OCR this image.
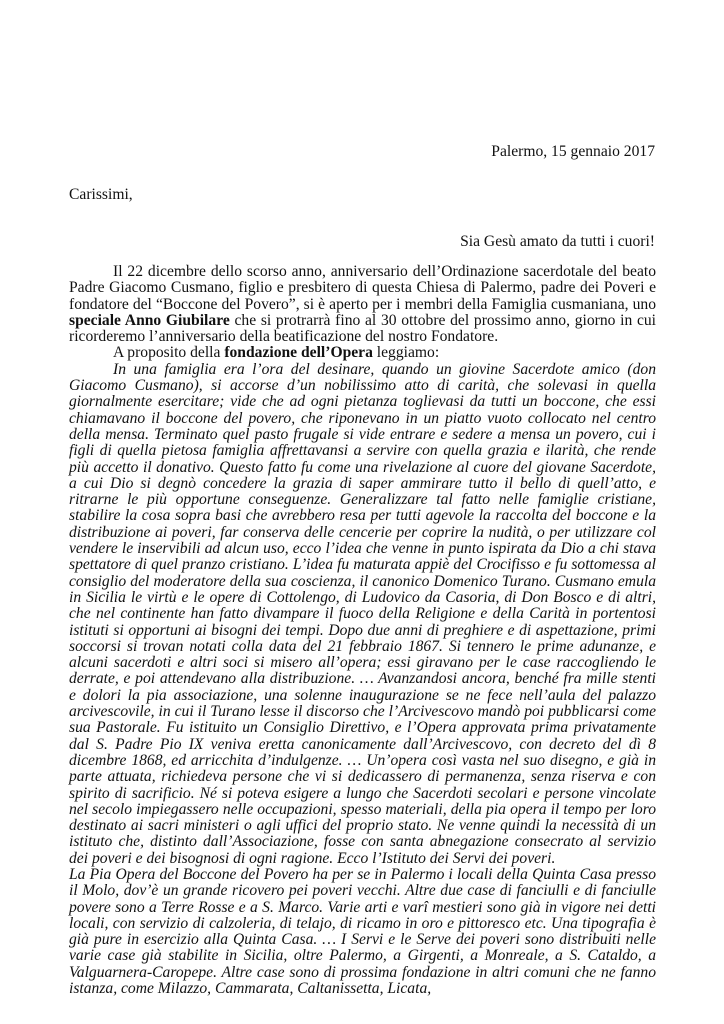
Palermo, 15 gennaio 2017
Carissimi,
Sia Gesù amato da tutti i cuori!

Il 22 dicembre dello scorso anno, anniversario dell’Ordinazione sacerdotale del beato Padre Giacomo Cusmano, figlio e presbitero di questa Chiesa di Palermo, padre dei Poveri e fondatore del “Boccone del Povero”, si è aperto per i membri della Famiglia cusmaniana, uno speciale Anno Giubilare che si protrarrà fino al 30 ottobre del prossimo anno, giorno in cui ricorderemo l’anniversario della beatificazione del nostro Fondatore.

A proposito della fondazione dell’Opera leggiamo:

In una famiglia era l’ora del desinare, quando un giovine Sacerdote amico (don Giacomo Cusmano), si accorse d’un nobilissimo atto di carità, che solevasi in quella giornalmente esercitare; vide che ad ogni pietanza toglievasi da tutti un boccone, che essi chiamavano il boccone del povero, che riponevano in un piatto vuoto collocato nel centro della mensa. Terminato quel pasto frugale si vide entrare e sedere a mensa un povero, cui i figli di quella pietosa famiglia affrettavansi a servire con quella grazia e ilarità, che rende più accetto il donativo. Questo fatto fu come una rivelazione al cuore del giovane Sacerdote, a cui Dio si degnò concedere la grazia di saper ammirare tutto il bello di quell’atto, e ritrarne le più opportune conseguenze. Generalizzare tal fatto nelle famiglie cristiane, stabilire la cosa sopra basi che avrebbero resa per tutti agevole la raccolta del boccone e la distribuzione ai poveri, far conserva delle cencerie per coprire la nudità, o per utilizzare col vendere le inservibili ad alcun uso, ecco l’idea che venne in punto ispirata da Dio a chi stava spettatore di quel pranzo cristiano. L’idea fu maturata appiè del Crocifisso e fu sottomessa al consiglio del moderatore della sua coscienza, il canonico Domenico Turano. Cusmano emula in Sicilia le virtù e le opere di Cottolengo, di Ludovico da Casoria, di Don Bosco e di altri, che nel continente han fatto divampare il fuoco della Religione e della Carità in portentosi istituti si opportuni ai bisogni dei tempi. Dopo due anni di preghiere e di aspettazione, primi soccorsi si trovan notati colla data del 21 febbraio 1867. Si tennero le prime adunanze, e alcuni sacerdoti e altri soci si misero all’opera; essi giravano per le case raccogliendo le derrate, e poi attendevano alla distribuzione. … Avanzandosi ancora, benché fra mille stenti e dolori la pia associazione, una solenne inaugurazione se ne fece nell’aula del palazzo arcivescovile, in cui il Turano lesse il discorso che l’Arcivescovo mandò poi pubblicarsi come sua Pastorale. Fu istituito un Consiglio Direttivo, e l’Opera approvata prima privatamente dal S. Padre Pio IX veniva eretta canonicamente dall’Arcivescovo, con decreto del dì 8 dicembre 1868, ed arricchita d’indulgenze. … Un’opera così vasta nel suo disegno, e già in parte attuata, richiedeva persone che vi si dedicassero di permanenza, senza riserva e con spirito di sacrificio. Né si poteva esigere a lungo che Sacerdoti secolari e persone vincolate nel secolo impiegassero nelle occupazioni, spesso materiali, della pia opera il tempo per loro destinato ai sacri ministeri o agli uffici del proprio stato. Ne venne quindi la necessità di un istituto che, distinto dall’Associazione, fosse con santa abnegazione consecrato al servizio dei poveri e dei bisognosi di ogni ragione. Ecco l’Istituto dei Servi dei poveri.

La Pia Opera del Boccone del Povero ha per se in Palermo i locali della Quinta Casa presso il Molo, dov’è un grande ricovero pei poveri vecchi. Altre due case di fanciulli e di fanciulle povere sono a Terre Rosse e a S. Marco. Varie arti e varî mestieri sono già in vigore nei detti locali, con servizio di calzoleria, di telajo, di ricamo in oro e pittoresco etc. Una tipografia è già pure in esercizio alla Quinta Casa. … I Servi e le Serve dei poveri sono distribuiti nelle varie case già stabilite in Sicilia, oltre Palermo, a Girgenti, a Monreale, a S. Cataldo, a Valguarnera-Caropepe. Altre case sono di prossima fondazione in altri comuni che ne fanno istanza, come Milazzo, Cammarata, Caltanissetta, Licata,
